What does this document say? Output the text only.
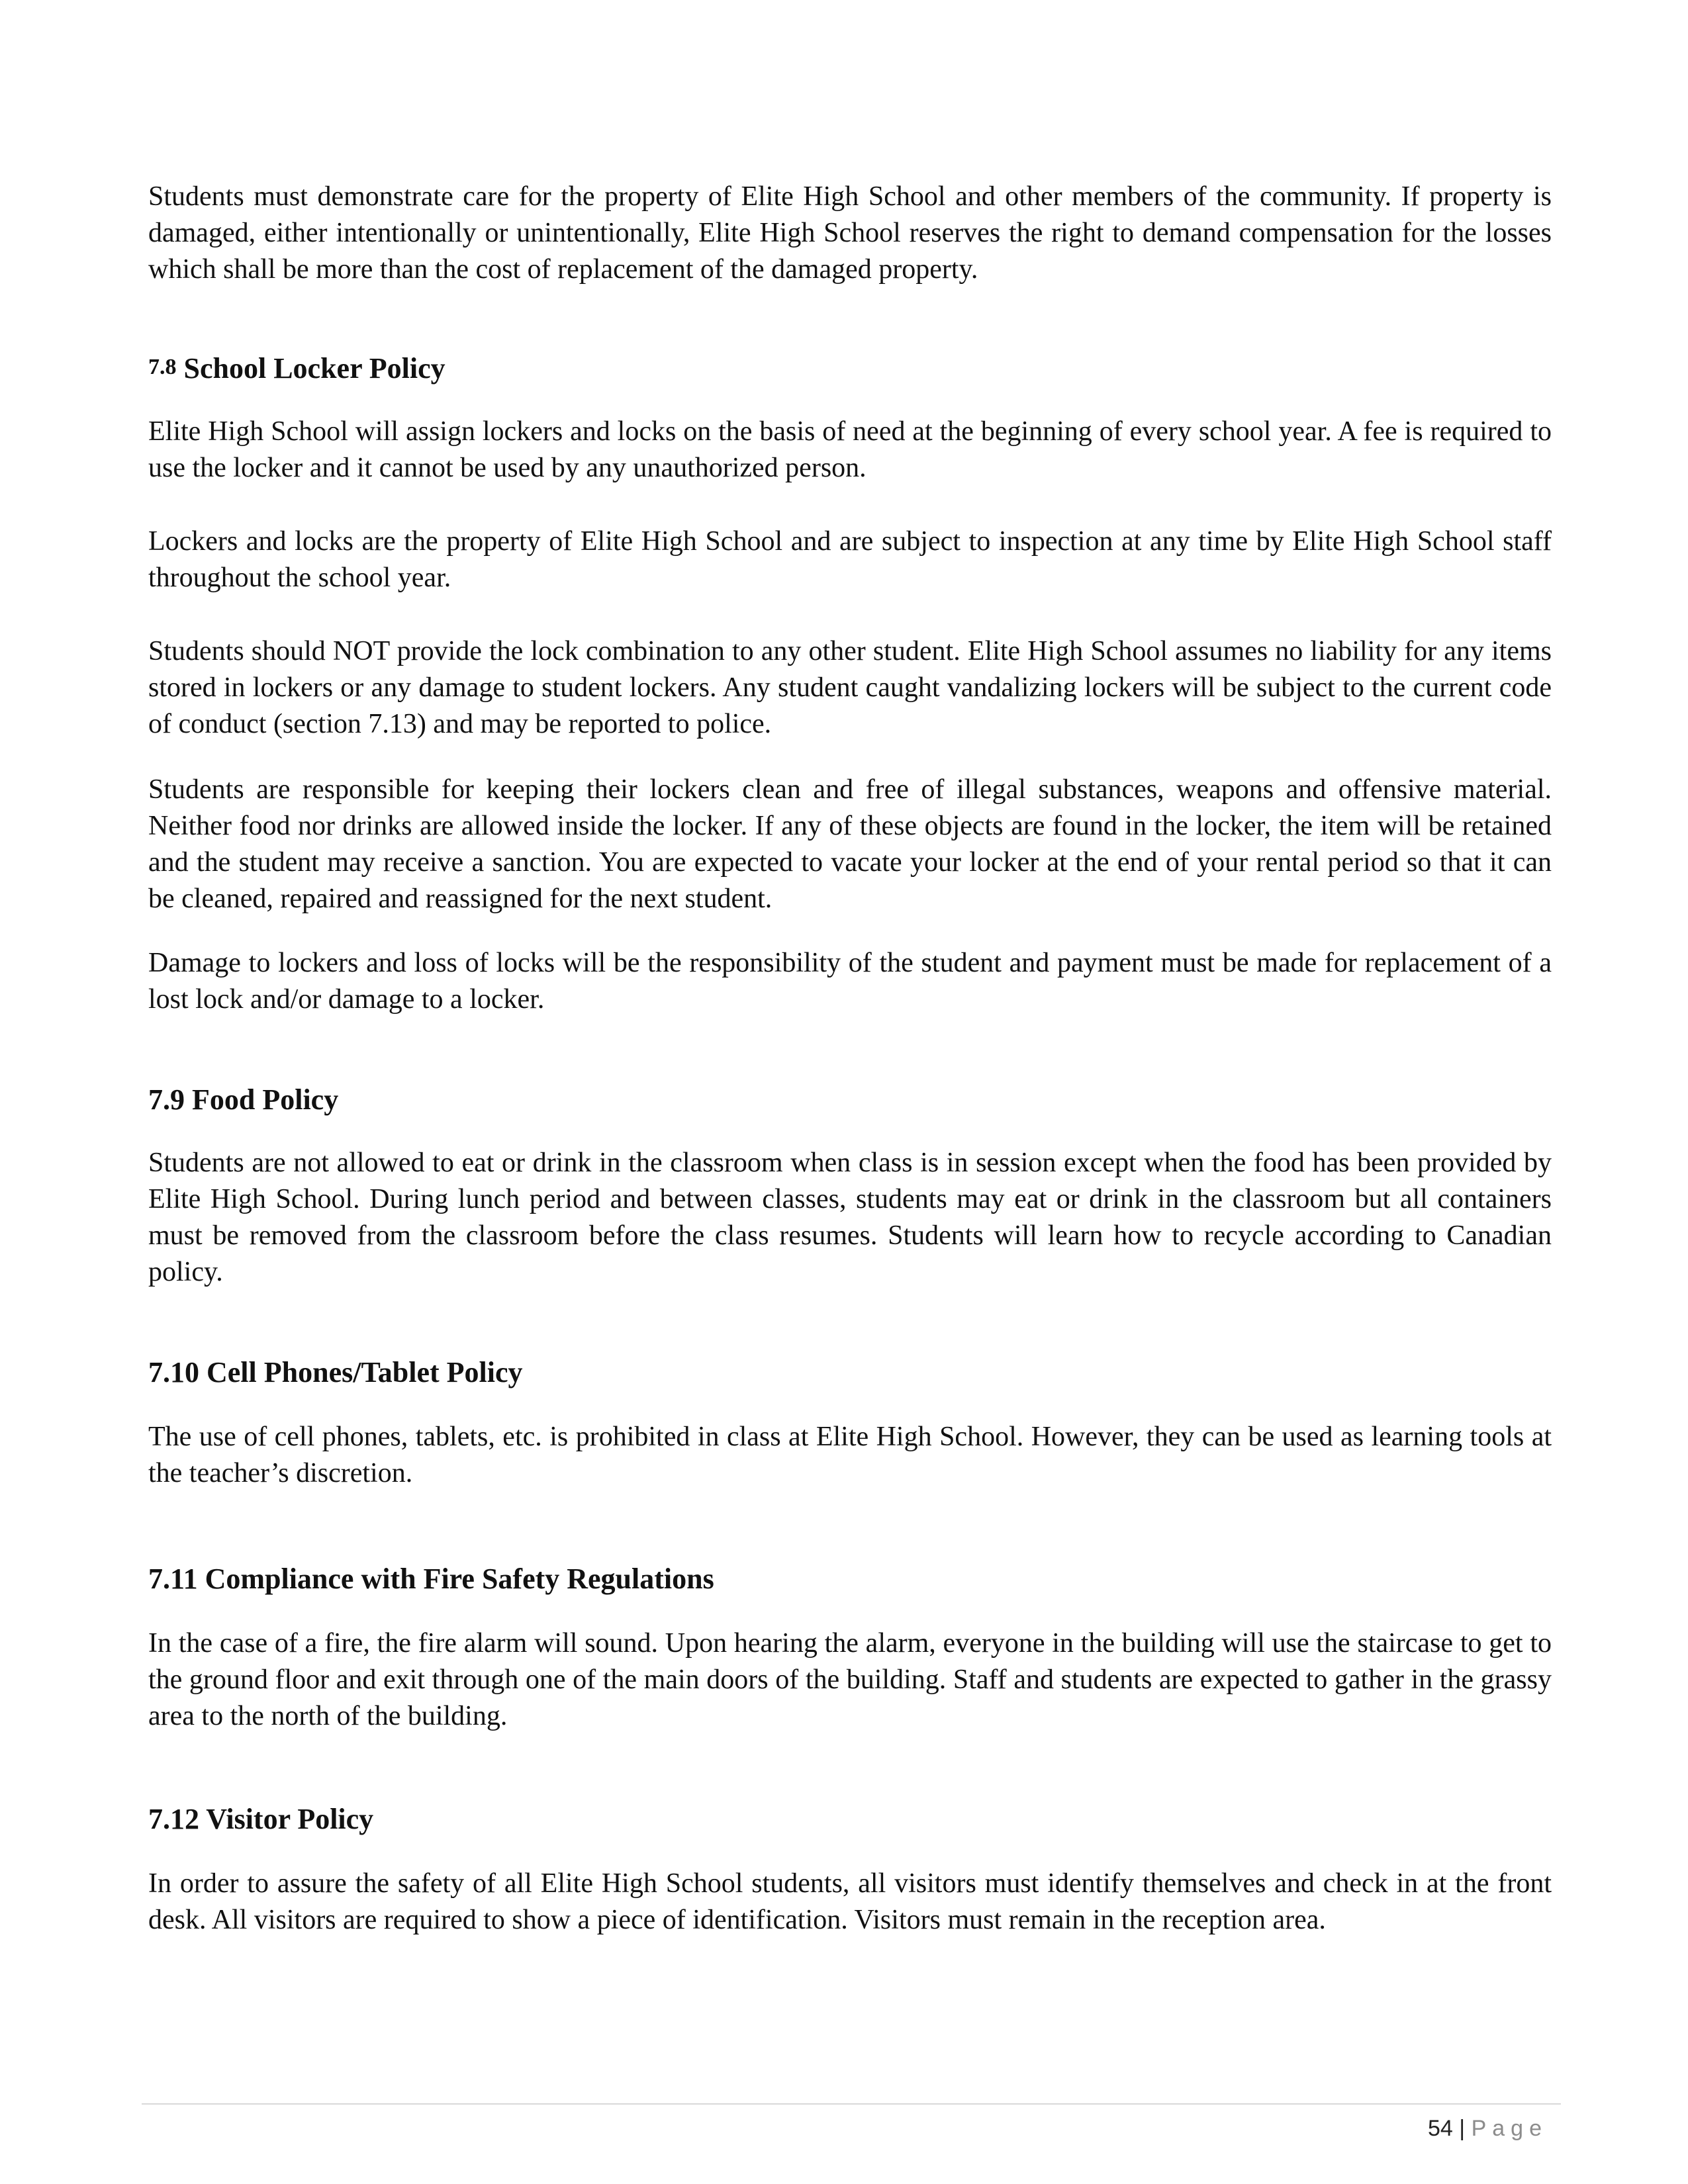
Students must demonstrate care for the property of Elite High School and other members of the community. If property is damaged, either intentionally or unintentionally, Elite High School reserves the right to demand compensation for the losses which shall be more than the cost of replacement of the damaged property.

7.8 School Locker Policy

Elite High School will assign lockers and locks on the basis of need at the beginning of every school year. A fee is required to use the locker and it cannot be used by any unauthorized person.

Lockers and locks are the property of Elite High School and are subject to inspection at any time by Elite High School staff throughout the school year.

Students should NOT provide the lock combination to any other student. Elite High School assumes no liability for any items stored in lockers or any damage to student lockers. Any student caught vandalizing lockers will be subject to the current code of conduct (section 7.13) and may be reported to police.

Students are responsible for keeping their lockers clean and free of illegal substances, weapons and offensive material. Neither food nor drinks are allowed inside the locker. If any of these objects are found in the locker, the item will be retained and the student may receive a sanction. You are expected to vacate your locker at the end of your rental period so that it can be cleaned, repaired and reassigned for the next student.

Damage to lockers and loss of locks will be the responsibility of the student and payment must be made for replacement of a lost lock and/or damage to a locker.

7.9 Food Policy

Students are not allowed to eat or drink in the classroom when class is in session except when the food has been provided by Elite High School. During lunch period and between classes, students may eat or drink in the classroom but all containers must be removed from the classroom before the class resumes. Students will learn how to recycle according to Canadian policy.

7.10 Cell Phones/Tablet Policy

The use of cell phones, tablets, etc. is prohibited in class at Elite High School. However, they can be used as learning tools at the teacher’s discretion.

7.11 Compliance with Fire Safety Regulations

In the case of a fire, the fire alarm will sound. Upon hearing the alarm, everyone in the building will use the staircase to get to the ground floor and exit through one of the main doors of the building. Staff and students are expected to gather in the grassy area to the north of the building.

7.12 Visitor Policy

In order to assure the safety of all Elite High School students, all visitors must identify themselves and check in at the front desk. All visitors are required to show a piece of identification. Visitors must remain in the reception area.

54 | Page
